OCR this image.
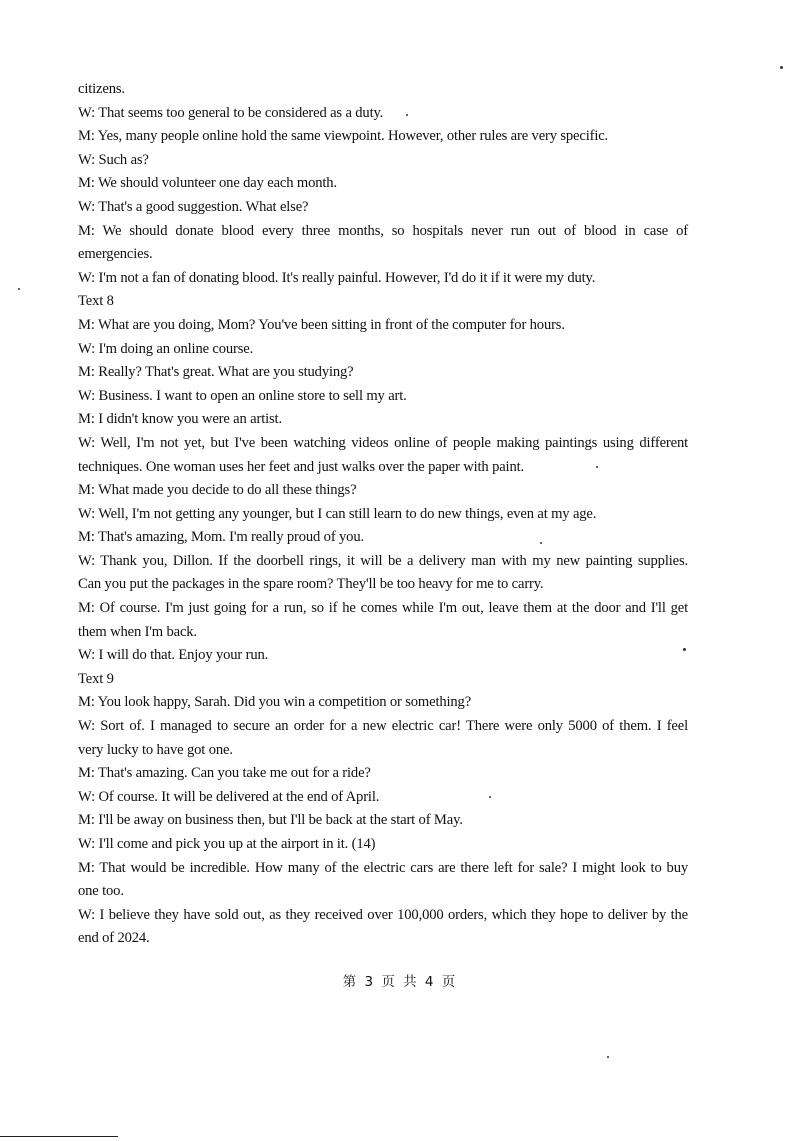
citizens.
W: That seems too general to be considered as a duty.
M: Yes, many people online hold the same viewpoint. However, other rules are very specific.
W: Such as?
M: We should volunteer one day each month.
W: That's a good suggestion. What else?
M: We should donate blood every three months, so hospitals never run out of blood in case of
emergencies.
W: I'm not a fan of donating blood. It's really painful. However, I'd do it if it were my duty.
Text 8
M: What are you doing, Mom? You've been sitting in front of the computer for hours.
W: I'm doing an online course.
M: Really? That's great. What are you studying?
W: Business. I want to open an online store to sell my art.
M: I didn't know you were an artist.
W: Well, I'm not yet, but I've been watching videos online of people making paintings using different
techniques. One woman uses her feet and just walks over the paper with paint.
M: What made you decide to do all these things?
W: Well, I'm not getting any younger, but I can still learn to do new things, even at my age.
M: That's amazing, Mom. I'm really proud of you.
W: Thank you, Dillon. If the doorbell rings, it will be a delivery man with my new painting supplies.
Can you put the packages in the spare room? They'll be too heavy for me to carry.
M: Of course. I'm just going for a run, so if he comes while I'm out, leave them at the door and I'll get
them when I'm back.
W: I will do that. Enjoy your run.
Text 9
M: You look happy, Sarah. Did you win a competition or something?
W: Sort of. I managed to secure an order for a new electric car! There were only 5000 of them. I feel
very lucky to have got one.
M: That's amazing. Can you take me out for a ride?
W: Of course. It will be delivered at the end of April.
M: I'll be away on business then, but I'll be back at the start of May.
W: I'll come and pick you up at the airport in it. (14)
M: That would be incredible. How many of the electric cars are there left for sale? I might look to buy
one too.
W: I believe they have sold out, as they received over 100,000 orders, which they hope to deliver by the
end of 2024.
第 3 页 共 4 页
